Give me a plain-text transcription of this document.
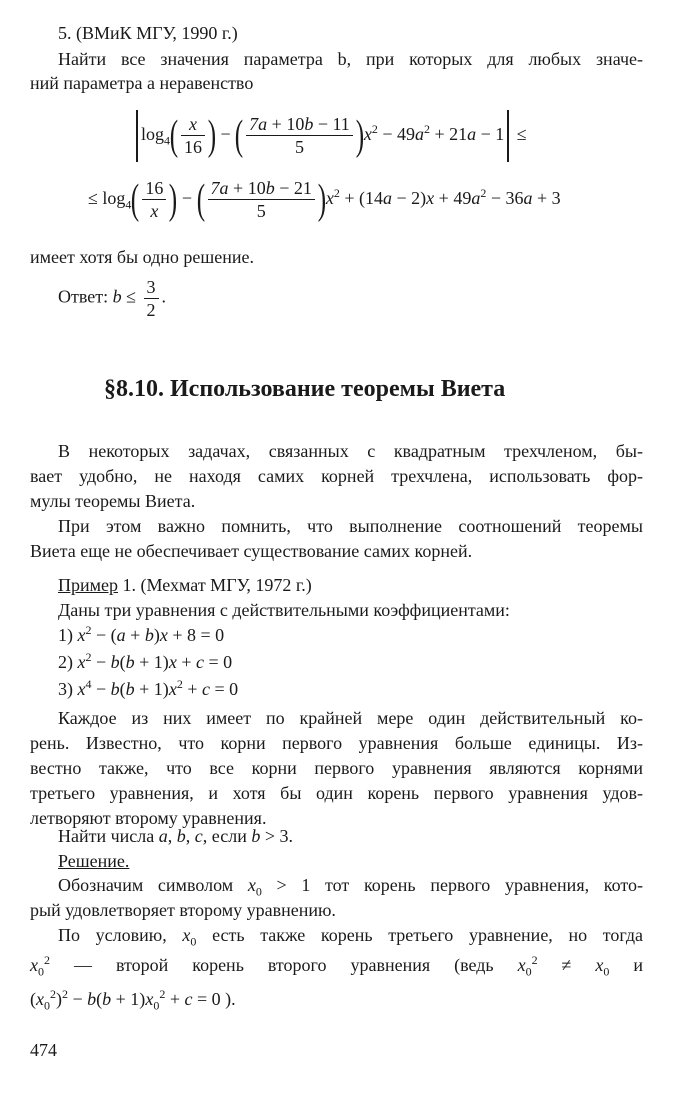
5. (ВМиК МГУ, 1990 г.)
Найти все значения параметра b, при которых для любых значе-
ний параметра a неравенство
$\log_4( \frac{x}{16}$ ) − ( $\frac{7a + 10b - 11}{5} )x^2 - 49a^2 + 21a - 1$ ≤
≤ $\log_4( \frac{16}{x}$ ) − ( $\frac{7a + 10b - 21}{5} )x^2 + (14a - 2)x + 49a^2 - 36a + 3$
имеет хотя бы одно решение.
Ответ: $b \le \frac{3}{2}$ .
§8.10. Использование теоремы Виета
В некоторых задачах, связанных с квадратным трехчленом, бы-
вает удобно, не находя самих корней трехчлена, использовать фор-
мулы теоремы Виета.
При этом важно помнить, что выполнение соотношений теоремы
Виета еще не обеспечивает существование самих корней.
Пример 1. (Мехмат МГУ, 1972 г.)
Даны три уравнения с действительными коэффициентами:
1) $x^2 - (a + b)x + 8 = 0$
2) $x^2 - b(b + 1)x + c = 0$
3) $x^4 - b(b + 1)x^2 + c = 0$
Каждое из них имеет по крайней мере один действительный ко-
рень. Известно, что корни первого уравнения больше единицы. Из-
вестно также, что все корни первого уравнения являются корнями
третьего уравнения, и хотя бы один корень первого уравнения удов-
летворяют второму уравнения.
Найти числа a, b, c, если b > 3.
Решение.
Обозначим символом $x_0 > 1$ тот корень первого уравнения, кото-
рый удовлетворяет второму уравнению.
По условию, $x_0$ есть также корень третьего уравнение, но тогда
$x_0^2$ — второй корень второго уравнения (ведь $x_0^2 \ne x_0$ и
$(x_0^2)^2 - b(b + 1)x_0^2 + c = 0$ ).
474
